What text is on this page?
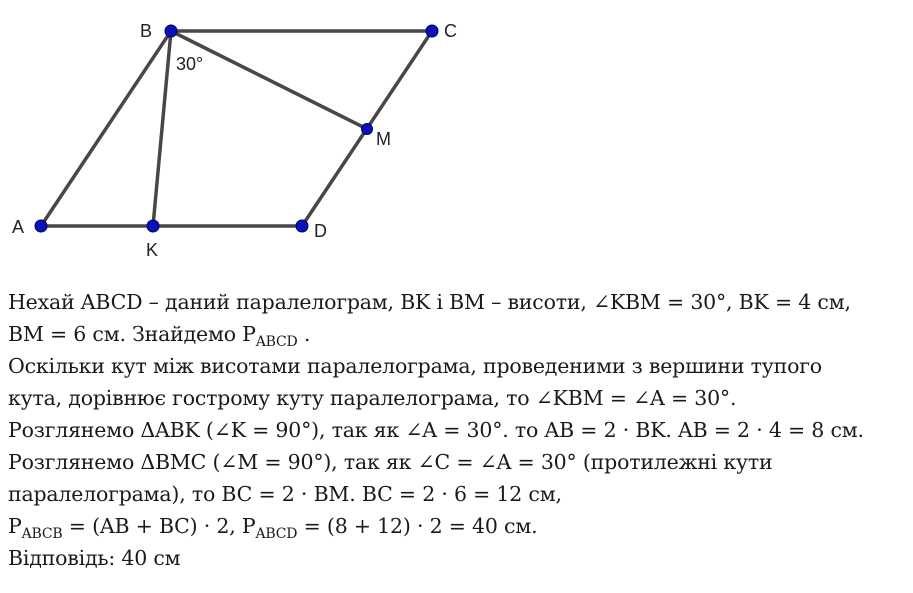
A
B	C
D
K
M
30°
Нехай ABCD – даний паралелограм, BK і BM – висоти, ∠KBM = 30°, BK = 4 см,
BM = 6 см. Знайдемо $P_{ABCD}$ .
Оскільки кут між висотами паралелограма, проведеними з вершини тупого
кута, дорівнює гострому куту паралелограма, то ∠KBM = ∠A = 30°.
Розглянемо ΔABK (∠K = 90°), так як ∠A = 30°. то AB = 2 · BK. AB = 2 · 4 = 8 см.
Розглянемо ΔBMC (∠M = 90°), так як ∠C = ∠A = 30° (протилежні кути
паралелограма), то BC = 2 · BM. BC = 2 · 6 = 12 см,
$P_{ABCB} = (AB + BC) \cdot 2$, $P_{ABCD} = (8 + 12) \cdot 2 = 40$ см.
Відповідь: 40 см
